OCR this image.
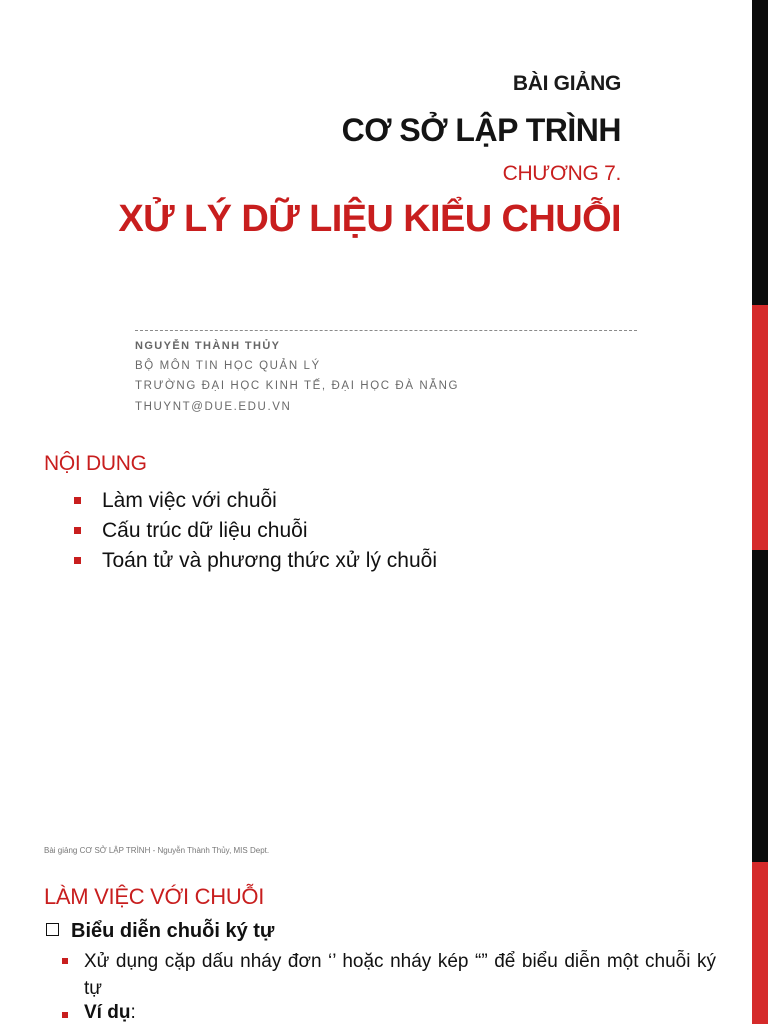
BÀI GIẢNG
CƠ SỞ LẬP TRÌNH
CHƯƠNG 7.
XỬ LÝ DỮ LIỆU KIỂU CHUỖI
NGUYỄN THÀNH THỦY
BỘ MÔN TIN HỌC QUẢN LÝ
TRƯỜNG ĐẠI HỌC KINH TẾ, ĐẠI HỌC ĐÀ NẴNG
THUYNT@DUE.EDU.VN
NỘI DUNG
Làm việc với chuỗi
Cấu trúc dữ liệu chuỗi
Toán tử và phương thức xử lý chuỗi
Bài giảng CƠ SỞ LẬP TRÌNH - Nguyễn Thành Thủy, MIS Dept.
LÀM VIỆC VỚI CHUỖI
Biểu diễn chuỗi ký tự
Xử dụng cặp dấu nháy đơn ‘’ hoặc nháy kép “” để biểu diễn một chuỗi ký tự
Ví dụ:
